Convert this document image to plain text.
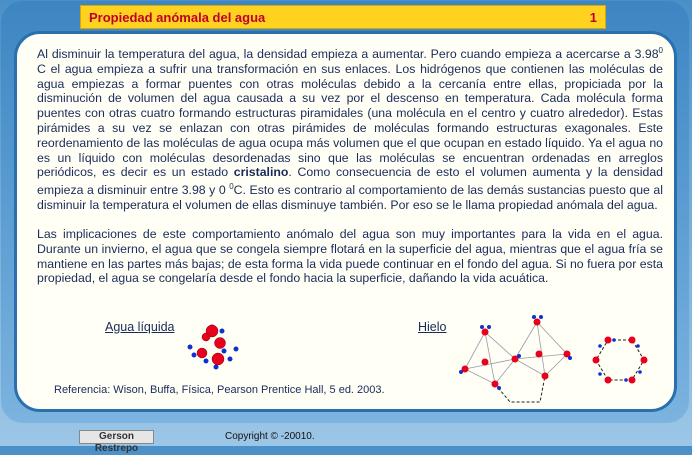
Propiedad anómala del agua	1

Al disminuir la temperatura del agua, la densidad empieza a aumentar. Pero cuando empieza a acercarse a 3.98$^0$ C el agua empieza a sufrir una transformación en sus enlaces. Los hidrógenos que contienen las moléculas de agua empiezas a formar puentes con otras moléculas debido a la cercanía entre ellas, propiciada por la disminución de volumen del agua causada a su vez por el descenso en temperatura. Cada molécula forma puentes con otras cuatro formando estructuras piramidales (una molécula en el centro y cuatro alrededor). Estas pirámides a su vez se enlazan con otras pirámides de moléculas formando estructuras exagonales. Este reordenamiento de las moléculas de agua ocupa más volumen que el que ocupan en estado líquido. Ya el agua no es un líquido con moléculas desordenadas sino que las moléculas se encuentran ordenadas en arreglos periódicos, es decir es un estado cristalino. Como consecuencia de esto el volumen aumenta y la densidad empieza a disminuir entre 3.98 y 0 $^0$C. Esto es contrario al comportamiento de las demás sustancias puesto que al disminuir la temperatura el volumen de ellas disminuye también. Por eso se le llama propiedad anómala del agua.

Las implicaciones de este comportamiento anómalo del agua son muy importantes para la vida en el agua. Durante un invierno, el agua que se congela siempre flotará en la superficie del agua, mientras que el agua fría se mantiene en las partes más bajas; de esta forma la vida puede continuar en el fondo del agua. Si no fuera por esta propiedad, el agua se congelaría desde el fondo hacia la superficie, dañando la vida acuática.

Agua líquida	Hielo
Referencia: Wison, Buffa, Física, Pearson Prentice Hall, 5 ed. 2003.
Gerson Restrepo
Copyright © -20010.
